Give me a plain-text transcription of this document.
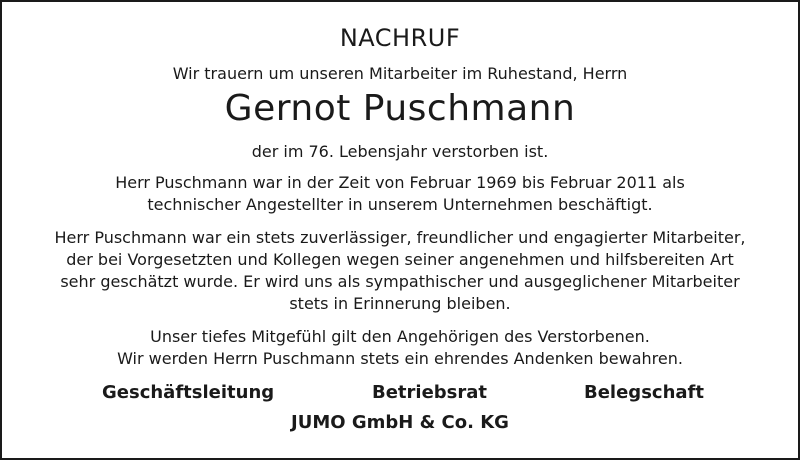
NACHRUF
Wir trauern um unseren Mitarbeiter im Ruhestand, Herrn
Gernot Puschmann
der im 76. Lebensjahr verstorben ist.
Herr Puschmann war in der Zeit von Februar 1969 bis Februar 2011 als
technischer Angestellter in unserem Unternehmen beschäftigt.
Herr Puschmann war ein stets zuverlässiger, freundlicher und engagierter Mitarbeiter,
der bei Vorgesetzten und Kollegen wegen seiner angenehmen und hilfsbereiten Art
sehr geschätzt wurde. Er wird uns als sympathischer und ausgeglichener Mitarbeiter
stets in Erinnerung bleiben.
Unser tiefes Mitgefühl gilt den Angehörigen des Verstorbenen.
Wir werden Herrn Puschmann stets ein ehrendes Andenken bewahren.
Geschäftsleitung	Betriebsrat	Belegschaft
JUMO GmbH & Co. KG
